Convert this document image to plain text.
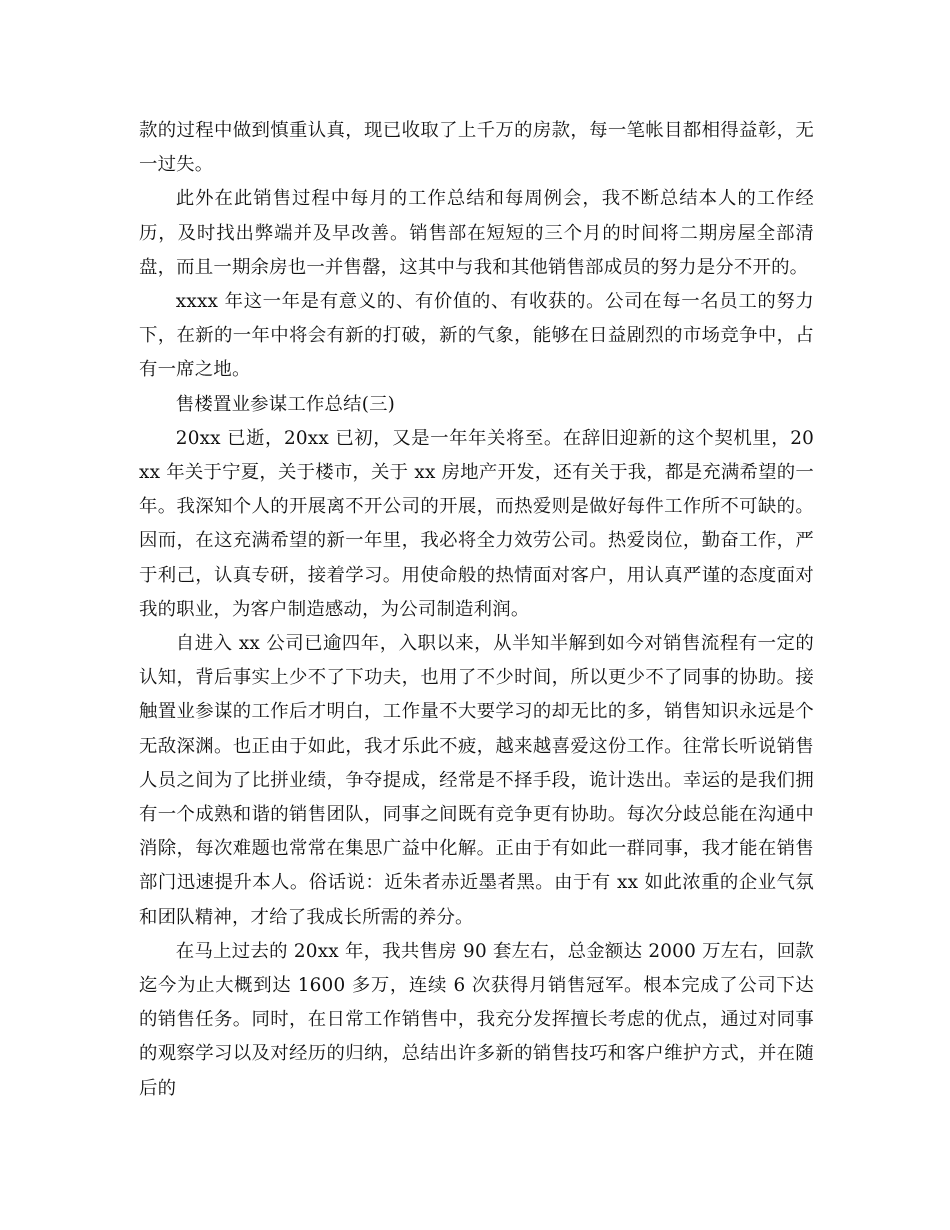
款的过程中做到慎重认真，现已收取了上千万的房款，每一笔帐目都相得益彰，无一过失。

此外在此销售过程中每月的工作总结和每周例会，我不断总结本人的工作经历，及时找出弊端并及早改善。销售部在短短的三个月的时间将二期房屋全部清盘，而且一期余房也一并售罄，这其中与我和其他销售部成员的努力是分不开的。

xxxx 年这一年是有意义的、有价值的、有收获的。公司在每一名员工的努力下，在新的一年中将会有新的打破，新的气象，能够在日益剧烈的市场竞争中，占有一席之地。

售楼置业参谋工作总结(三)

20xx 已逝，20xx 已初，又是一年年关将至。在辞旧迎新的这个契机里，20xx 年关于宁夏，关于楼市，关于 xx 房地产开发，还有关于我，都是充满希望的一年。我深知个人的开展离不开公司的开展，而热爱则是做好每件工作所不可缺的。因而，在这充满希望的新一年里，我必将全力效劳公司。热爱岗位，勤奋工作，严于利己，认真专研，接着学习。用使命般的热情面对客户，用认真严谨的态度面对我的职业，为客户制造感动，为公司制造利润。

自进入 xx 公司已逾四年，入职以来，从半知半解到如今对销售流程有一定的认知，背后事实上少不了下功夫，也用了不少时间，所以更少不了同事的协助。接触置业参谋的工作后才明白，工作量不大要学习的却无比的多，销售知识永远是个无敌深渊。也正由于如此，我才乐此不疲，越来越喜爱这份工作。往常长听说销售人员之间为了比拼业绩，争夺提成，经常是不择手段，诡计迭出。幸运的是我们拥有一个成熟和谐的销售团队，同事之间既有竞争更有协助。每次分歧总能在沟通中消除，每次难题也常常在集思广益中化解。正由于有如此一群同事，我才能在销售部门迅速提升本人。俗话说：近朱者赤近墨者黑。由于有 xx 如此浓重的企业气氛和团队精神，才给了我成长所需的养分。

在马上过去的 20xx 年，我共售房 90 套左右，总金额达 2000 万左右，回款迄今为止大概到达 1600 多万，连续 6 次获得月销售冠军。根本完成了公司下达的销售任务。同时，在日常工作销售中，我充分发挥擅长考虑的优点，通过对同事的观察学习以及对经历的归纳，总结出许多新的销售技巧和客户维护方式，并在随后的
